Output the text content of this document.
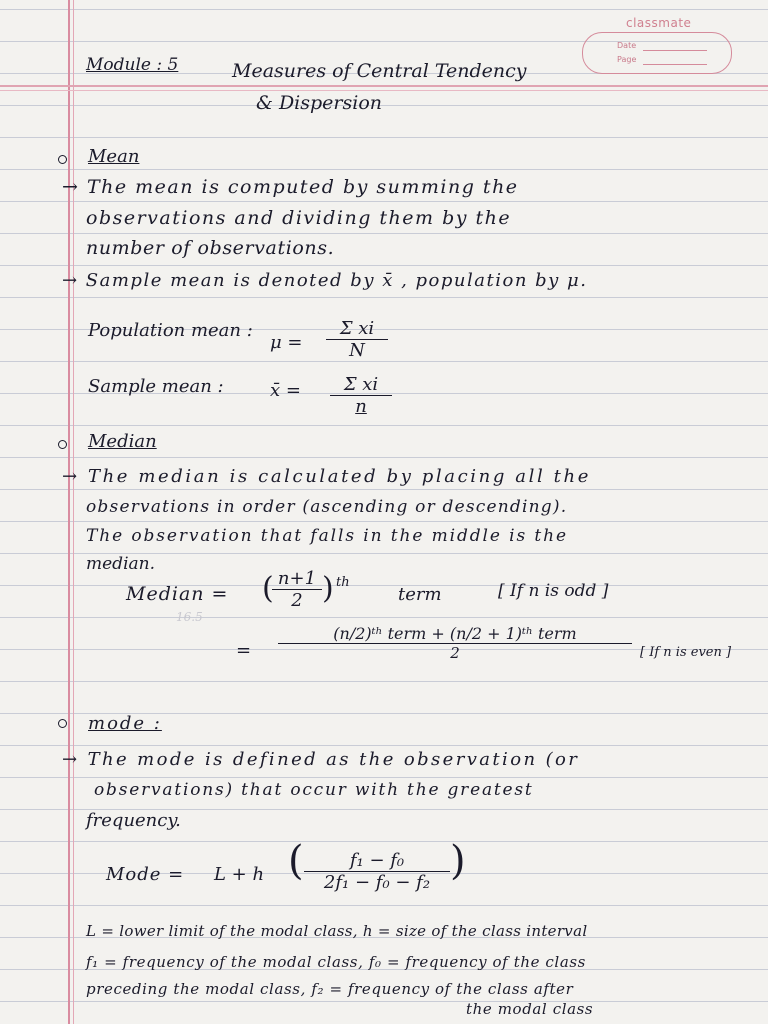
classmate
Date
Page
Module : 5	Measures of Central Tendency
& Dispersion
Mean
→ The mean is computed by summing the
observations and dividing them by the
number of observations.
→ Sample mean is denoted by x̄ , population by μ.
Population mean :
$\mu = \frac{\text{Σ xi}}{N}$
Sample mean :	x̄ = $\frac{\text{Σ xi}}{n}$
Median
→ The median is calculated by placing all the
observations in order (ascending or descending).
The observation that falls in the middle is the
median.
Median = (
$\frac{n+1}{2}$ ) th
term	[ If n is odd ]
16.5
=
(n/2)ᵗʰ term + (n/2 + 1)ᵗʰ term
2	[ If n is even ]
mode :
→ The mode is defined as the observation (or
observations) that occur with the greatest
frequency.
Mode = L + h ( $\frac{\text{f₁ − f₀}}{\text{2f₁ − f₀ − f₂}}$ )
L = lower limit of the modal class, h = size of the class interval
f₁ = frequency of the modal class, f₀ = frequency of the class
preceding the modal class, f₂ = frequency of the class after
the modal class
